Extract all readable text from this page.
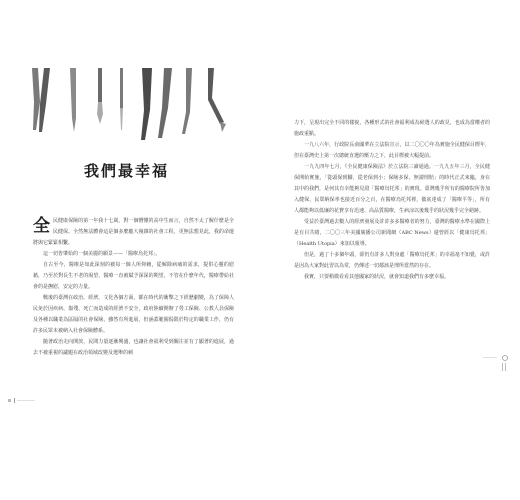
我們最幸福

全民健康保險的第一年我十七歲，對一個懵懂的高中生而言，自然不太了解什麼是全民健保。全然無法體會這是個多麼龐大複雜的社會工程，更無法想見此，我的命運將與它緊緊相繫。

這一切皆肇始的一個美麗的願景——「醫療烏托邦」。

自古至今，醫療是如此深刻的被每一個人所仰賴，從解除病痛的需求，提供心靈的慰藉，乃至於對長生不老的渴望，醫療一直被賦予深深的期望，不管在什麼年代，醫療帶給社會的是撫慰，安定的力量。

戰後的臺灣在政治、經濟、文化各個方面，都在時代的衝擊之下經歷劇變，為了保障人民免於因疾病、傷殘、死亡而造成的經濟不安全，政府陸續開辦了勞工保險、公教人員保險及各種以職業為區隔的社會保險，雖然有所進展，但涵蓋範圍侷限於特定的職業工作，仍有許多民眾未被納入社會保險體系。

隨著政治走向開放，民間力量逐漸興盛，也讓社會福利受到關注並有了顯著的進展，過去不被重視的議題在政治領域改變及選舉的刺

力下，呈現出完全不同的樣貌，各種形式的社會福利成為候選人的政見，也成為當權者的施政重點。

一九八六年，行政院長俞國華在立法院宣示，以二〇〇〇年為實施全民健保目標年，但在臺灣史上第一次總統直選的壓力之下，此目標被大幅提前。

一九九四年七月，《全民健康保險法》於立法院三讀通過。一九九五年三月，全民健保開始實施，「從頭保到腳，從老保到小；保險多保，無謂理賠」的時代正式來臨，身在其中的我們，是何其有幸能夠見證「醫療烏托邦」的實現。臺灣幾乎所有的醫療院所皆加入健保，民眾納保率也接近百分之百，在醫療烏托邦裡，徹底達成了「醫療平等」，所有人都能夠以低廉的花費享有迅速、高品質醫療，生病涼以後幾乎的狀況幾乎完全絕跡。

受益於臺灣過去數人的經濟發展及許許多多醫療者的努力，臺灣的醫療水準在國際上是有目共睹，二〇〇三年美國廣播公司新聞網（ABC News）還曾經以「健康烏托邦」（Health Utopia）來加以報導。

但是，過了十多個年頭，卻仍有許多人對身處「醫療烏托邦」的幸福毫不知覺，或許是因為大家對此習以為常，仍傳述一切都該是理所當然的存在。

我實，只要稍微看看其他國家的狀況，就會知道我們有多麼幸福。
